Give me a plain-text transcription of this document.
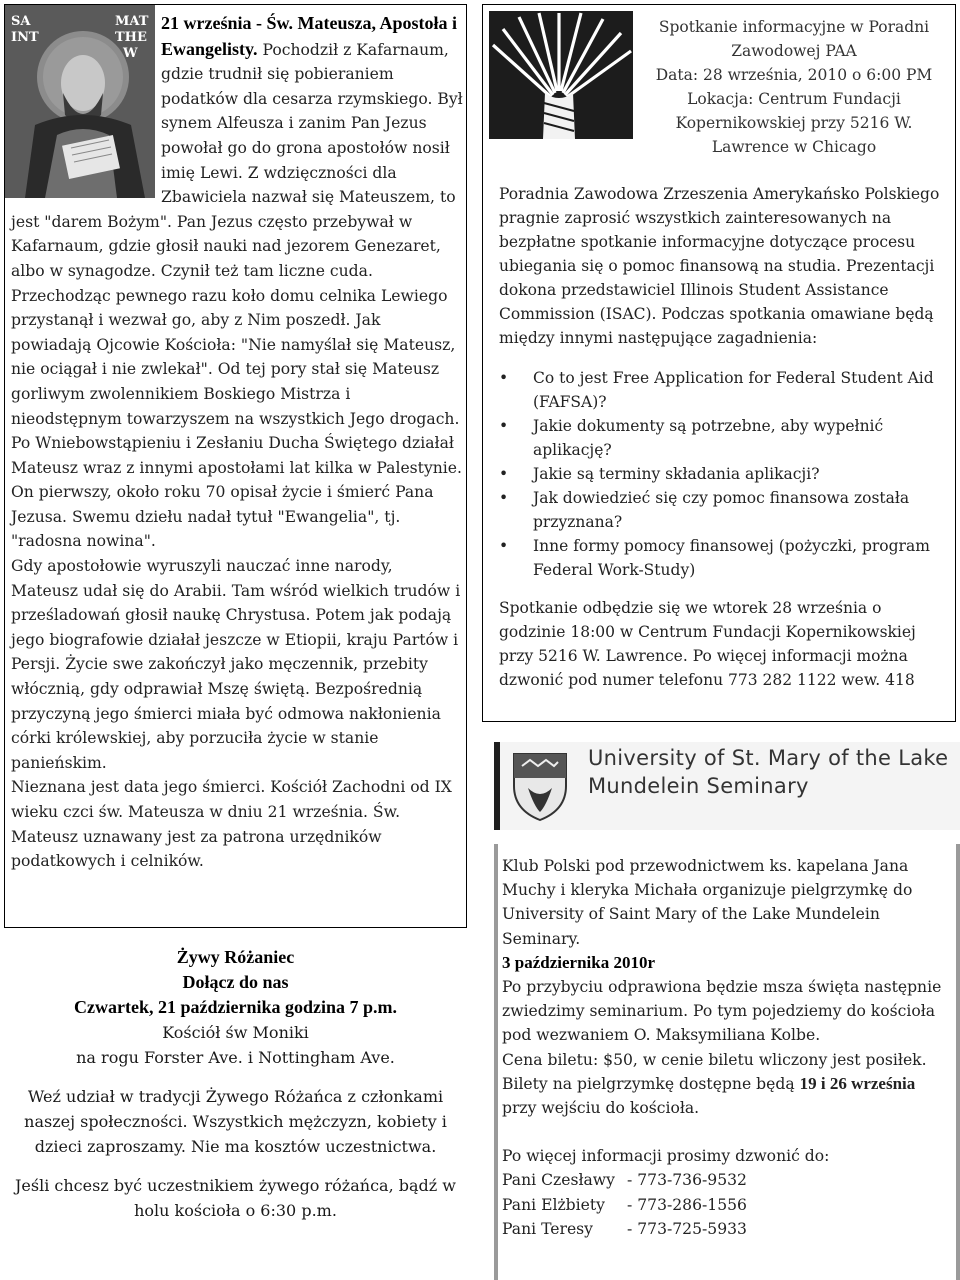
SA
INT
MAT
THE
W

21 września - Św. Mateusza, Apostoła i Ewangelisty. Pochodził z Kafarnaum, gdzie trudnił się pobieraniem podatków dla cesarza rzymskiego. Był synem Alfeusza i zanim Pan Jezus powołał go do grona apostołów nosił imię Lewi. Z wdzięczności dla Zbawiciela nazwał się Mateuszem, to jest "darem Bożym". Pan Jezus często przebywał w Kafarnaum, gdzie głosił nauki nad jezorem Genezaret, albo w synagodze. Czynił też tam liczne cuda.

Przechodząc pewnego razu koło domu celnika Lewiego przystanął i wezwał go, aby z Nim poszedł. Jak powiadają Ojcowie Kościoła: "Nie namyślał się Mateusz, nie ociągał i nie zwlekał". Od tej pory stał się Mateusz gorliwym zwolennikiem Boskiego Mistrza i nieodstępnym towarzyszem na wszystkich Jego drogach.

Po Wniebowstąpieniu i Zesłaniu Ducha Świętego działał Mateusz wraz z innymi apostołami lat kilka w Palestynie.

On pierwszy, około roku 70 opisał życie i śmierć Pana Jezusa. Swemu dziełu nadał tytuł "Ewangelia", tj. "radosna nowina".

Gdy apostołowie wyruszyli nauczać inne narody, Mateusz udał się do Arabii. Tam wśród wielkich trudów i prześladowań głosił naukę Chrystusa. Potem jak podają jego biografowie działał jeszcze w Etiopii, kraju Partów i Persji. Życie swe zakończył jako męczennik, przebity włócznią, gdy odprawiał Mszę świętą. Bezpośrednią przyczyną jego śmierci miała być odmowa nakłonienia córki królewskiej, aby porzuciła życie w stanie panieńskim.

Nieznana jest data jego śmierci. Kościół Zachodni od IX wieku czci św. Mateusza w dniu 21 września. Św. Mateusz uznawany jest za patrona urzędników podatkowych i celników.

Żywy Różaniec
Dołącz do nas
Czwartek, 21 października godzina 7 p.m.
Kościół św Moniki
na rogu Forster Ave. i Nottingham Ave.
Weź udział w tradycji Żywego Różańca z członkami naszej społeczności. Wszystkich mężczyzn, kobiety i dzieci zaproszamy. Nie ma kosztów uczestnictwa.
Jeśli chcesz być uczestnikiem żywego różańca, bądź w holu kościoła o 6:30 p.m.
Spotkanie informacyjne w Poradni
Zawodowej PAA
Data: 28 września, 2010 o 6:00 PM
Lokacja: Centrum Fundacji
Kopernikowskiej przy 5216 W.
Lawrence w Chicago

Poradnia Zawodowa Zrzeszenia Amerykańsko Polskiego pragnie zaprosić wszystkich zainteresowanych na bezpłatne spotkanie informacyjne dotyczące procesu ubiegania się o pomoc finansową na studia. Prezentacji dokona przedstawiciel Illinois Student Assistance Commission (ISAC). Podczas spotkania omawiane będą między innymi następujące zagadnienia:

• Co to jest Free Application for Federal Student Aid (FAFSA)?
• Jakie dokumenty są potrzebne, aby wypełnić aplikację?
• Jakie są terminy składania aplikacji?
• Jak dowiedzieć się czy pomoc finansowa została przyznana?
• Inne formy pomocy finansowej (pożyczki, program Federal Work-Study)

Spotkanie odbędzie się we wtorek 28 września o godzinie 18:00 w Centrum Fundacji Kopernikowskiej przy 5216 W. Lawrence. Po więcej informacji można dzwonić pod numer telefonu 773 282 1122 wew. 418

University of St. Mary of the Lake
Mundelein Seminary

Klub Polski pod przewodnictwem ks. kapelana Jana Muchy i kleryka Michała organizuje pielgrzymkę do University of Saint Mary of the Lake Mundelein Seminary.

3 października 2010r

Po przybyciu odprawiona będzie msza święta następnie zwiedzimy seminarium. Po tym pojedziemy do kościoła pod wezwaniem O. Maksymiliana Kolbe.

Cena biletu: $50, w cenie biletu wliczony jest posiłek.

Bilety na pielgrzymkę dostępne będą 19 i 26 września przy wejściu do kościoła.

Po więcej informacji prosimy dzwonić do:

Pani Czesławy - 773-736-9532
Pani Elżbiety	- 773-286-1556
Pani Teresy	- 773-725-5933
